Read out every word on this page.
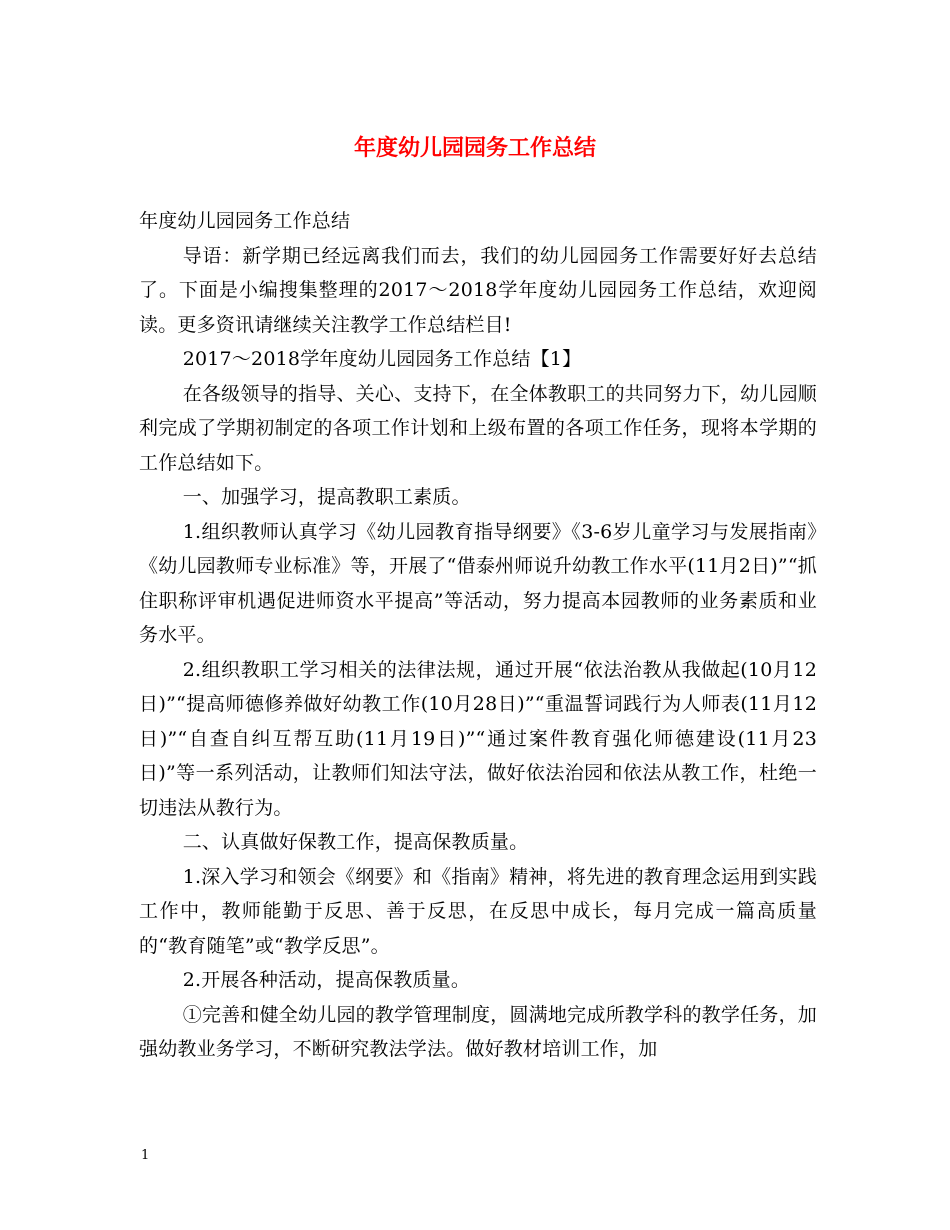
年度幼儿园园务工作总结

年度幼儿园园务工作总结

导语：新学期已经远离我们而去，我们的幼儿园园务工作需要好好去总结了。下面是小编搜集整理的2017～2018学年度幼儿园园务工作总结，欢迎阅读。更多资讯请继续关注教学工作总结栏目!

2017～2018学年度幼儿园园务工作总结【1】

在各级领导的指导、关心、支持下，在全体教职工的共同努力下，幼儿园顺利完成了学期初制定的各项工作计划和上级布置的各项工作任务，现将本学期的工作总结如下。

一、加强学习，提高教职工素质。

1.组织教师认真学习《幼儿园教育指导纲要》《3-6岁儿童学习与发展指南》《幼儿园教师专业标准》等，开展了“借泰州师说升幼教工作水平(11月2日)”“抓住职称评审机遇促进师资水平提高”等活动，努力提高本园教师的业务素质和业务水平。

2.组织教职工学习相关的法律法规，通过开展“依法治教从我做起(10月12日)”“提高师德修养做好幼教工作(10月28日)”“重温誓词践行为人师表(11月12日)”“自查自纠互帮互助(11月19日)”“通过案件教育强化师德建设(11月23日)”等一系列活动，让教师们知法守法，做好依法治园和依法从教工作，杜绝一切违法从教行为。

二、认真做好保教工作，提高保教质量。

1.深入学习和领会《纲要》和《指南》精神，将先进的教育理念运用到实践工作中，教师能勤于反思、善于反思，在反思中成长，每月完成一篇高质量的“教育随笔”或“教学反思”。

2.开展各种活动，提高保教质量。

①完善和健全幼儿园的教学管理制度，圆满地完成所教学科的教学任务，加强幼教业务学习，不断研究教法学法。做好教材培训工作，加

1
